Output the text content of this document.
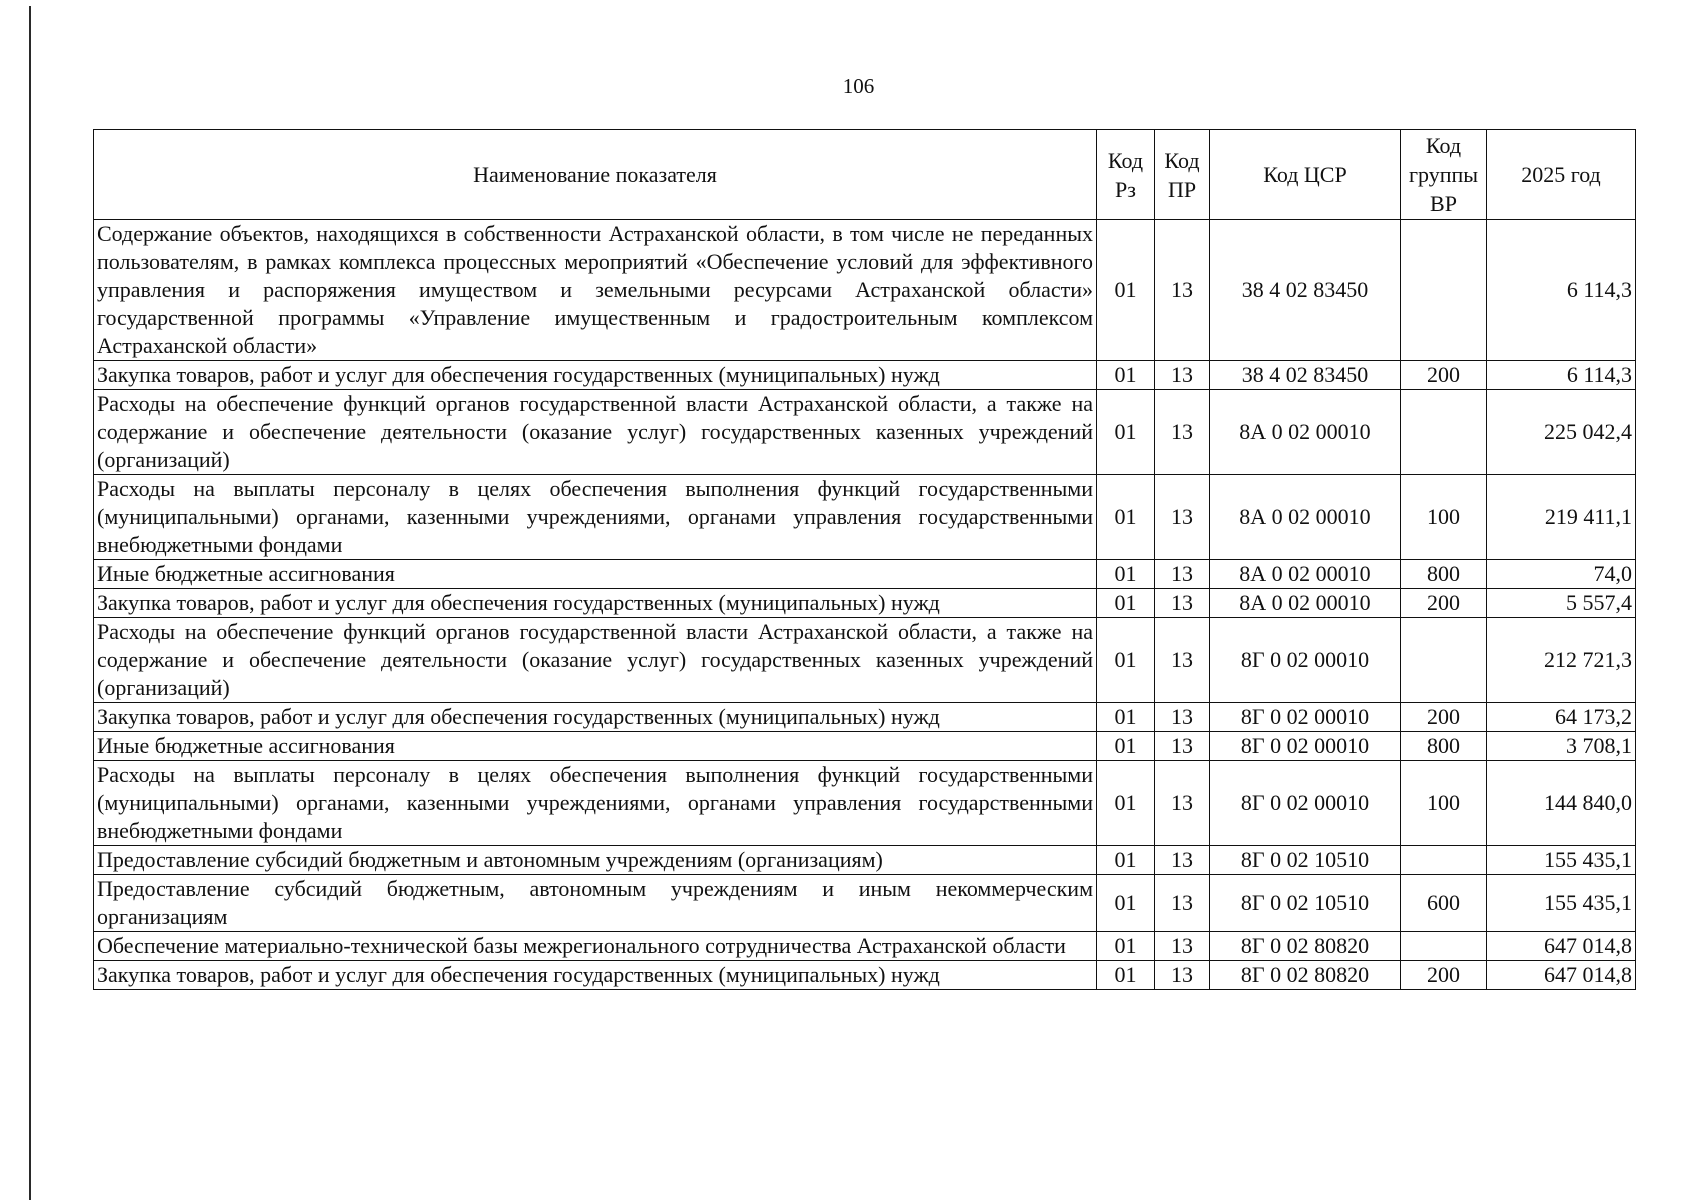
106
Наименование показателя	Код Рз	Код ПР	Код ЦСР	Код группы ВР	2025 год
Содержание объектов, находящихся в собственности Астраханской области, в том числе не переданных пользователям, в рамках комплекса процессных мероприятий «Обеспечение условий для эффективного управления и распоряжения имуществом и земельными ресурсами Астраханской области» государственной программы «Управление имущественным и градостроительным комплексом Астраханской области»	01	13	38 4 02 83450		6 114,3
Закупка товаров, работ и услуг для обеспечения государственных (муниципальных) нужд	01	13	38 4 02 83450	200	6 114,3
Расходы на обеспечение функций органов государственной власти Астраханской области, а также на содержание и обеспечение деятельности (оказание услуг) государственных казенных учреждений (организаций)	01	13	8А 0 02 00010		225 042,4
Расходы на выплаты персоналу в целях обеспечения выполнения функций государственными (муниципальными) органами, казенными учреждениями, органами управления государственными внебюджетными фондами	01	13	8А 0 02 00010	100	219 411,1
Иные бюджетные ассигнования	01	13	8А 0 02 00010	800	74,0
Закупка товаров, работ и услуг для обеспечения государственных (муниципальных) нужд	01	13	8А 0 02 00010	200	5 557,4
Расходы на обеспечение функций органов государственной власти Астраханской области, а также на содержание и обеспечение деятельности (оказание услуг) государственных казенных учреждений (организаций)	01	13	8Г 0 02 00010		212 721,3
Закупка товаров, работ и услуг для обеспечения государственных (муниципальных) нужд	01	13	8Г 0 02 00010	200	64 173,2
Иные бюджетные ассигнования	01	13	8Г 0 02 00010	800	3 708,1
Расходы на выплаты персоналу в целях обеспечения выполнения функций государственными (муниципальными) органами, казенными учреждениями, органами управления государственными внебюджетными фондами	01	13	8Г 0 02 00010	100	144 840,0
Предоставление субсидий бюджетным и автономным учреждениям (организациям)	01	13	8Г 0 02 10510		155 435,1
Предоставление субсидий бюджетным, автономным учреждениям и иным некоммерческим организациям	01	13	8Г 0 02 10510	600	155 435,1
Обеспечение материально-технической базы межрегионального сотрудничества Астраханской области	01	13	8Г 0 02 80820		647 014,8
Закупка товаров, работ и услуг для обеспечения государственных (муниципальных) нужд	01	13	8Г 0 02 80820	200	647 014,8
